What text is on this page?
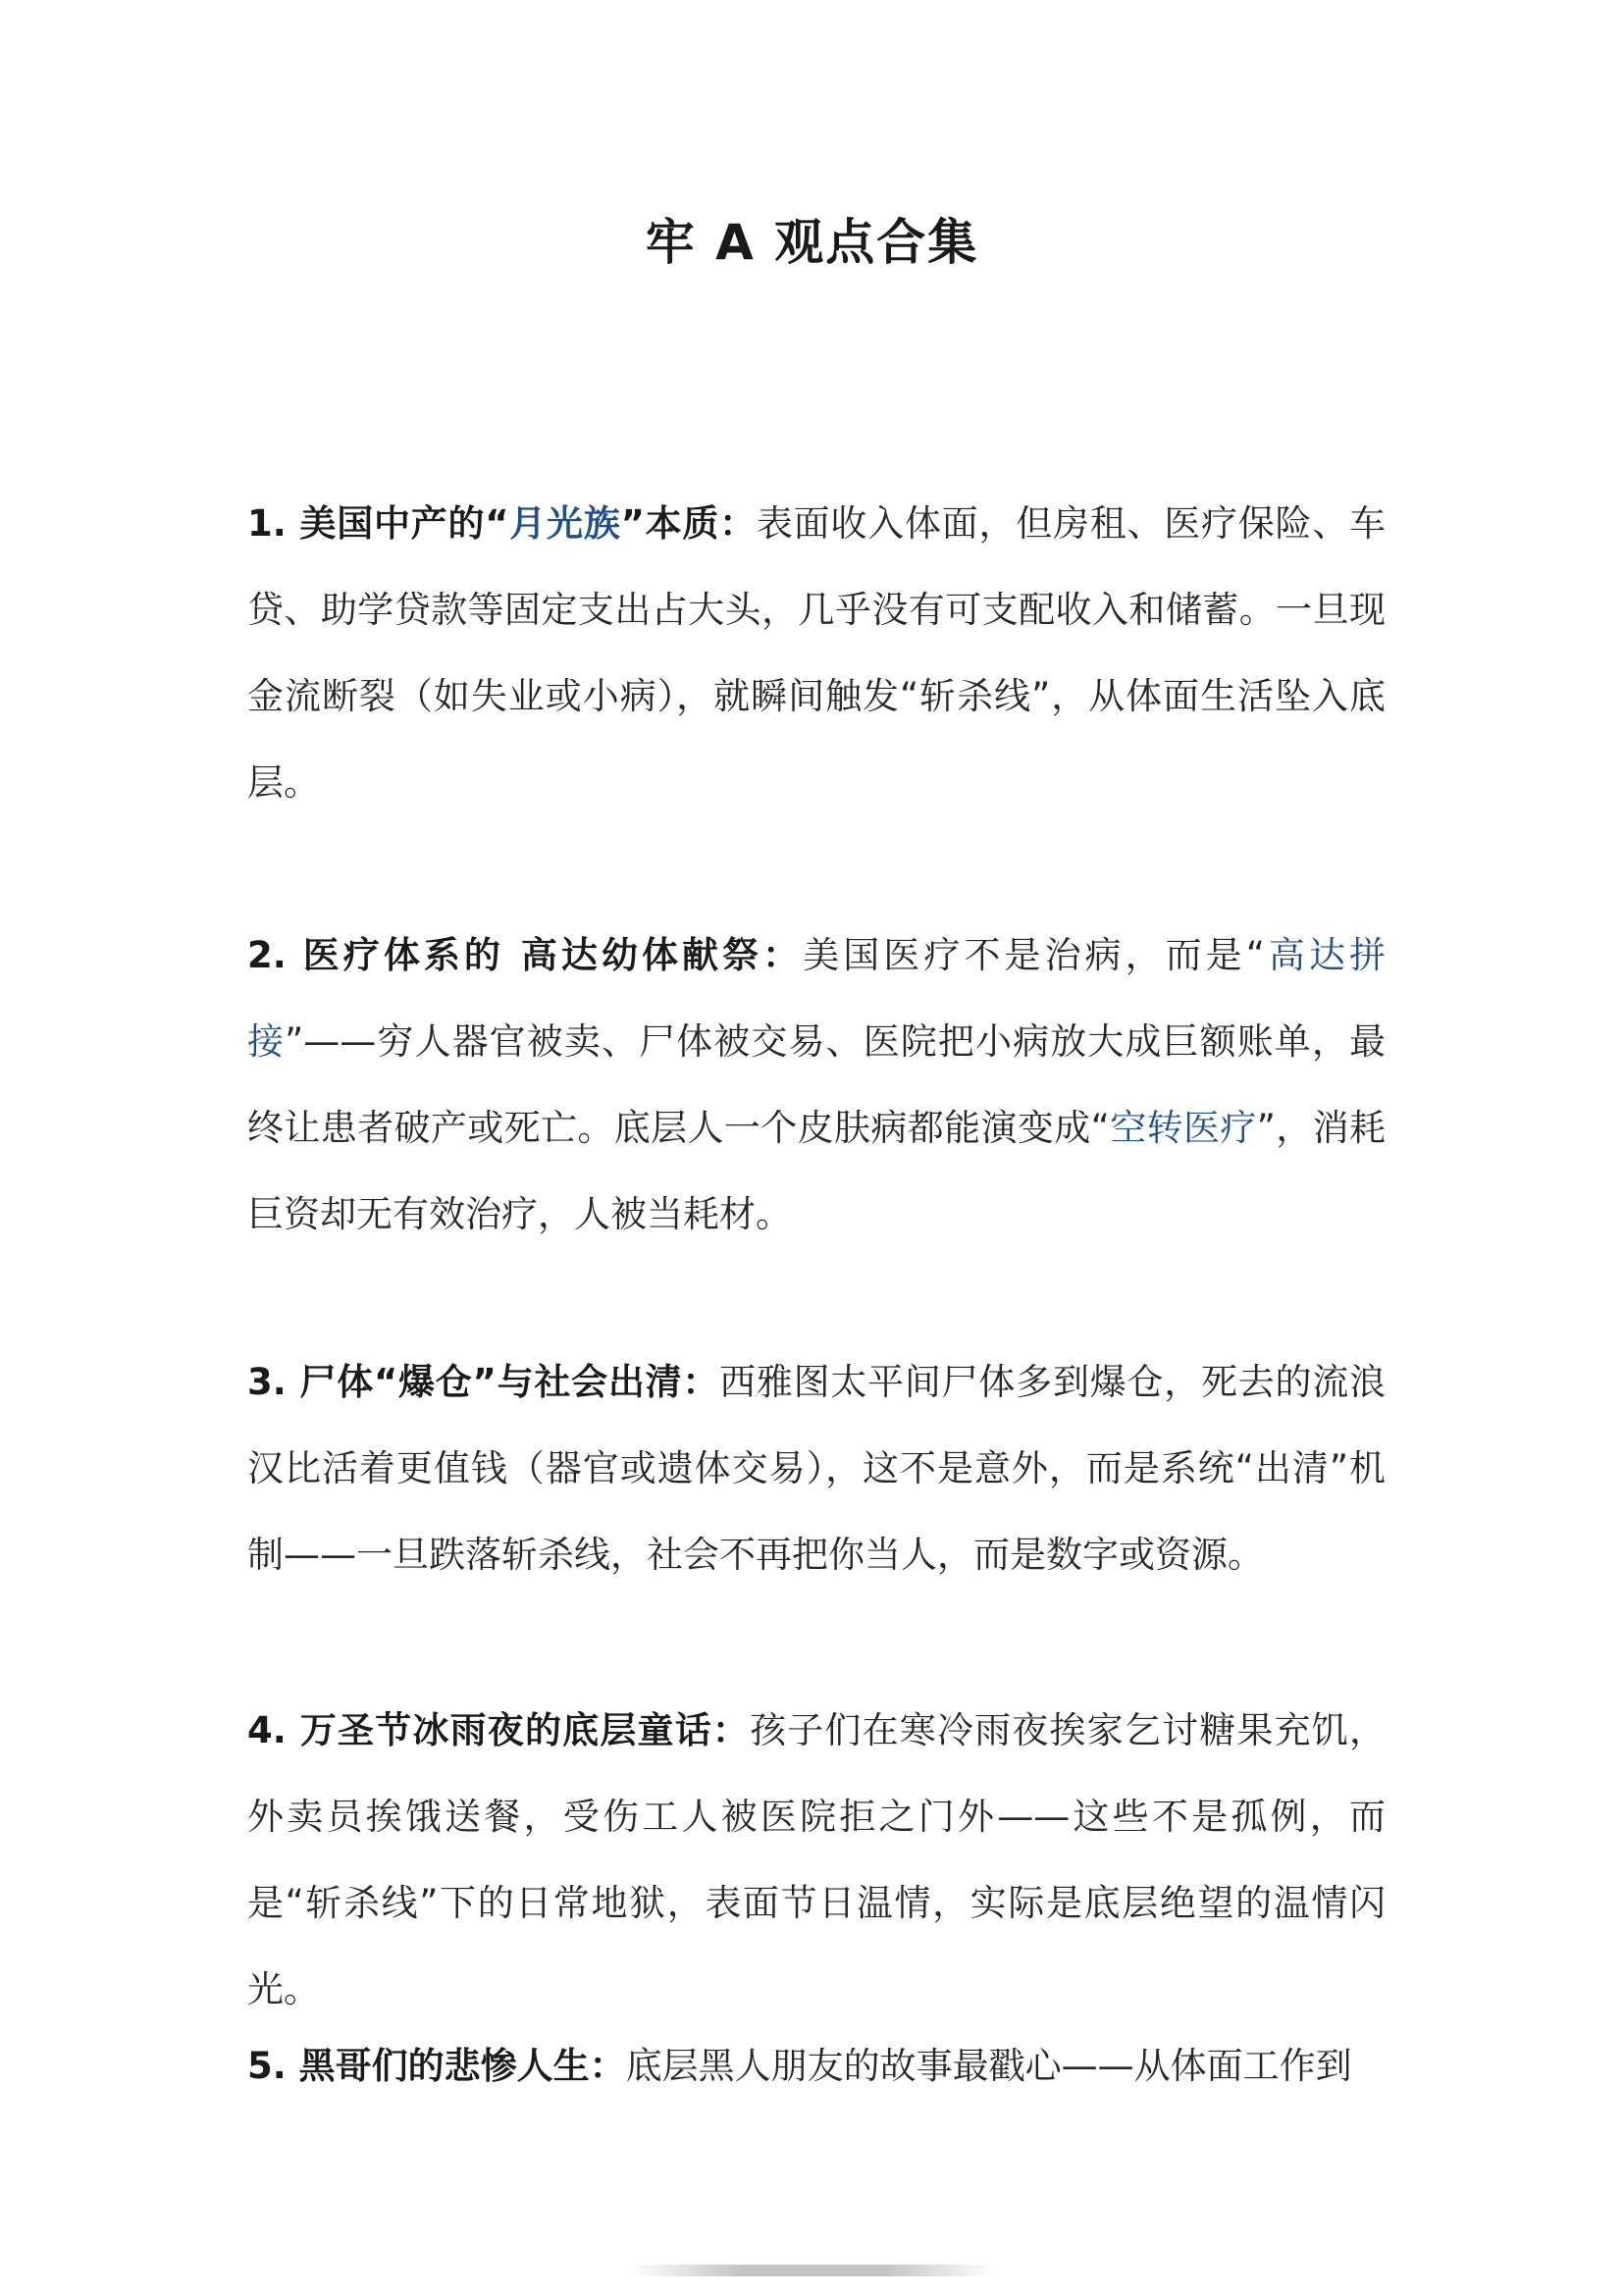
牢 A 观点合集

1. 美国中产的“月光族”本质：表面收入体面，但房租、医疗保险、车贷、助学贷款等固定支出占大头，几乎没有可支配收入和储蓄。一旦现金流断裂（如失业或小病），就瞬间触发“斩杀线”，从体面生活坠入底层。

2. 医疗体系的 高达幼体献祭：美国医疗不是治病，而是“高达拼接”——穷人器官被卖、尸体被交易、医院把小病放大成巨额账单，最终让患者破产或死亡。底层人一个皮肤病都能演变成“空转医疗”，消耗巨资却无有效治疗，人被当耗材。

3. 尸体“爆仓”与社会出清：西雅图太平间尸体多到爆仓，死去的流浪汉比活着更值钱（器官或遗体交易），这不是意外，而是系统“出清”机制——一旦跌落斩杀线，社会不再把你当人，而是数字或资源。

4. 万圣节冰雨夜的底层童话：孩子们在寒冷雨夜挨家乞讨糖果充饥，外卖员挨饿送餐，受伤工人被医院拒之门外——这些不是孤例，而是“斩杀线”下的日常地狱，表面节日温情，实际是底层绝望的温情闪光。

5. 黑哥们的悲惨人生：底层黑人朋友的故事最戳心——从体面工作到
